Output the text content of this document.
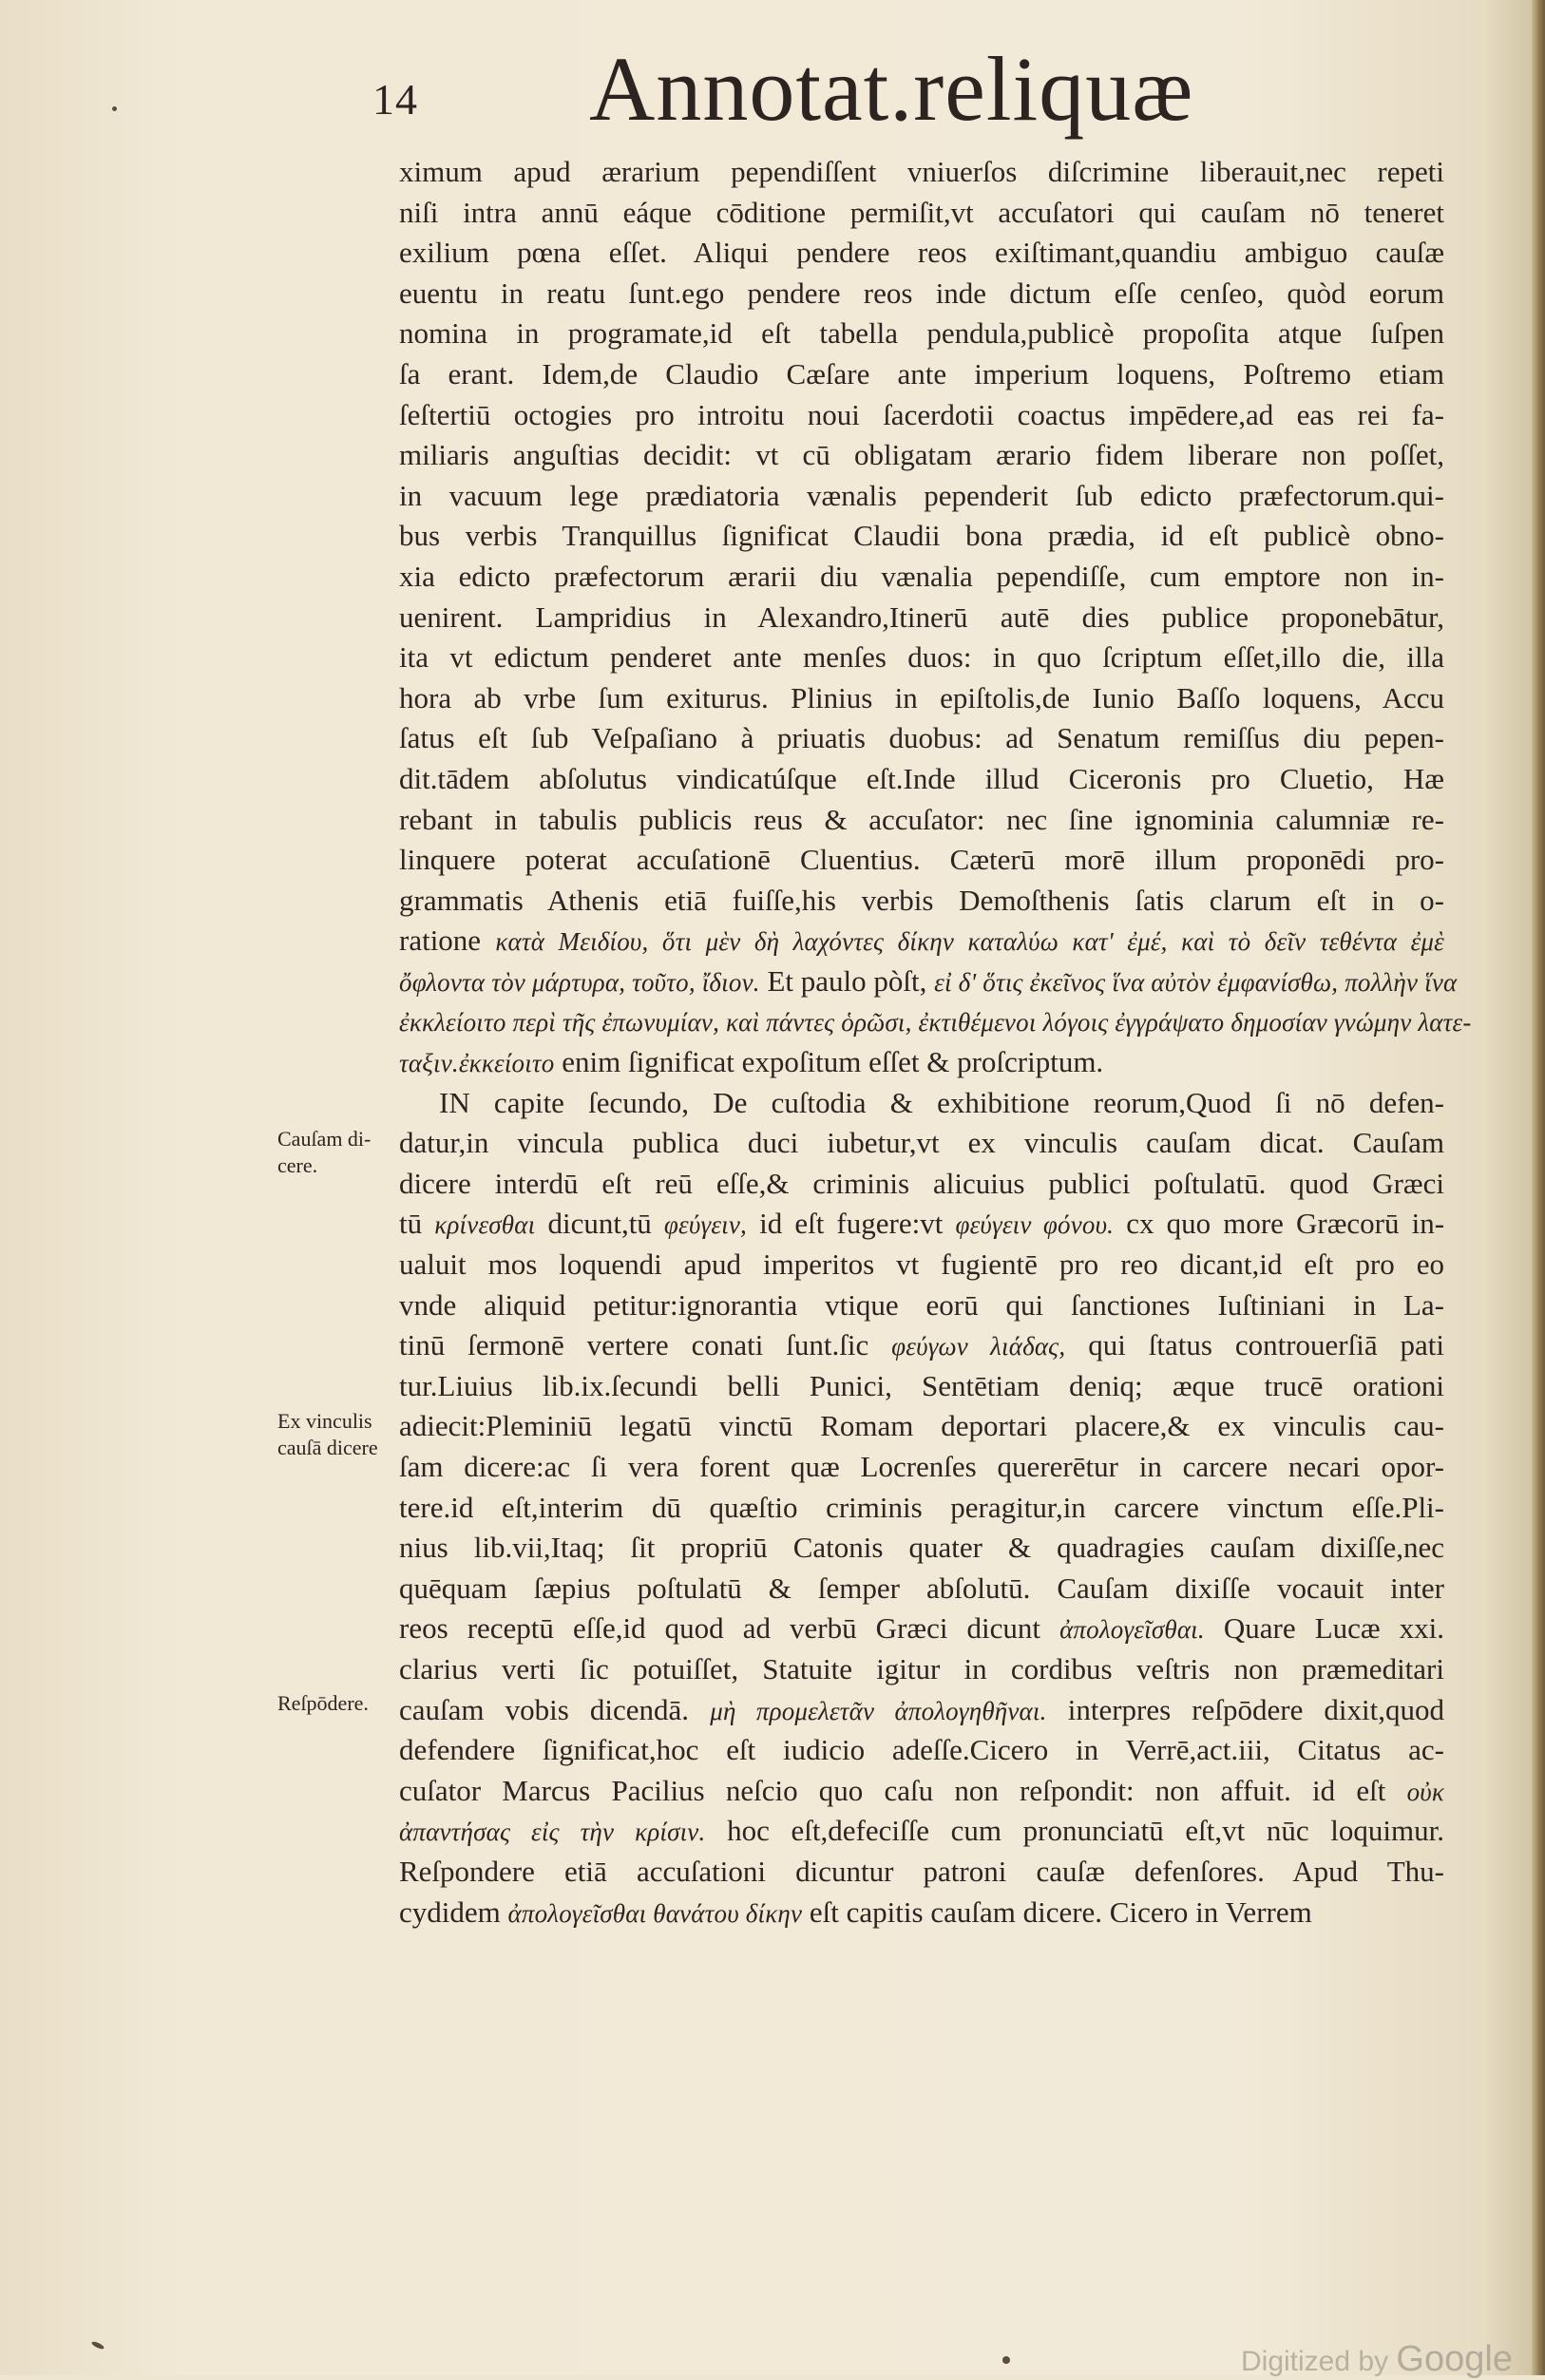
14 Annotat.reliquæ
ximum apud ærarium pependiſſent vniuerſos diſcrimine liberauit,nec repeti
niſi intra annū eáque cōditione permiſit,vt accuſatori qui cauſam nō teneret
exilium pœna eſſet. Aliqui pendere reos exiſtimant,quandiu ambiguo cauſæ
euentu in reatu ſunt.ego pendere reos inde dictum eſſe cenſeo, quòd eorum
nomina in programate,id eſt tabella pendula,publicè propoſita atque ſuſpen
ſa erant. Idem,de Claudio Cæſare ante imperium loquens, Poſtremo etiam
ſeſtertiū octogies pro introitu noui ſacerdotii coactus impēdere,ad eas rei fa-
miliaris anguſtias decidit: vt cū obligatam ærario fidem liberare non poſſet,
in vacuum lege prædiatoria vænalis pependerit ſub edicto præfectorum.qui-
bus verbis Tranquillus ſignificat Claudii bona prædia, id eſt publicè obno-
xia edicto præfectorum ærarii diu vænalia pependiſſe, cum emptore non in-
uenirent. Lampridius in Alexandro,Itinerū autē dies publice proponebātur,
ita vt edictum penderet ante menſes duos: in quo ſcriptum eſſet,illo die, illa
hora ab vrbe ſum exiturus. Plinius in epiſtolis,de Iunio Baſſo loquens, Accu
ſatus eſt ſub Veſpaſiano à priuatis duobus: ad Senatum remiſſus diu pepen-
dit.tādem abſolutus vindicatúſque eſt.Inde illud Ciceronis pro Cluetio, Hæ
rebant in tabulis publicis reus & accuſator: nec ſine ignominia calumniæ re-
linquere poterat accuſationē Cluentius. Cæterū morē illum proponēdi pro-
grammatis Athenis etiā fuiſſe,his verbis Demoſthenis ſatis clarum eſt in o-
ratione κατὰ Μειδίου, ὅτι μὲν δὴ λαχόντες δίκην καταλύω κατ' ἐμέ, καὶ τὸ δεῖν τεθέντα ἐμὲ
ὄφλοντα τὸν μάρτυρα, τοῦτο, ἴδιον. Et paulo pòſt, εἰ δ' ὅτις ἐκεῖνος ἵνα αὐτὸν ἐμφανίσθω, πολλὴν ἵνα
ἐκκλείοιτο περὶ τῆς ἐπωνυμίαν, καὶ πάντες ὁρῶσι, ἐκτιθέμενοι λόγοις ἐγγράψατο δημοσίαν γνώμην λατε-
ταξιν.ἐκκείοιτο enim ſignificat expoſitum eſſet & proſcriptum.
IN capite ſecundo, De cuſtodia & exhibitione reorum,Quod ſi nō defen-
datur,in vincula publica duci iubetur,vt ex vinculis cauſam dicat. Cauſam
dicere interdū eſt reū eſſe,& criminis alicuius publici poſtulatū. quod Græci
tū κρίνεσθαι dicunt,tū φεύγειν, id eſt fugere:vt φεύγειν φόνου. cx quo more Græcorū in-
ualuit mos loquendi apud imperitos vt fugientē pro reo dicant,id eſt pro eo
vnde aliquid petitur:ignorantia vtique eorū qui ſanctiones Iuſtiniani in La-
tinū ſermonē vertere conati ſunt.ſic φεύγων λιάδας, qui ſtatus controuerſiā pati
tur.Liuius lib.ix.ſecundi belli Punici, Sentētiam deniq; æque trucē orationi
adiecit:Pleminiū legatū vinctū Romam deportari placere,& ex vinculis cau-
ſam dicere:ac ſi vera forent quæ Locrenſes quererētur in carcere necari opor-
tere.id eſt,interim dū quæſtio criminis peragitur,in carcere vinctum eſſe.Pli-
nius lib.vii,Itaq; ſit propriū Catonis quater & quadragies cauſam dixiſſe,nec
quēquam ſæpius poſtulatū & ſemper abſolutū. Cauſam dixiſſe vocauit inter
reos receptū eſſe,id quod ad verbū Græci dicunt ἀπολογεῖσθαι. Quare Lucæ xxi.
clarius verti ſic potuiſſet, Statuite igitur in cordibus veſtris non præmeditari
cauſam vobis dicendā. μὴ προμελετᾶν ἀπολογηθῆναι. interpres reſpōdere dixit,quod
defendere ſignificat,hoc eſt iudicio adeſſe.Cicero in Verrē,act.iii, Citatus ac-
cuſator Marcus Pacilius neſcio quo caſu non reſpondit: non affuit. id eſt οὐκ
ἀπαντήσας εἰς τὴν κρίσιν. hoc eſt,defeciſſe cum pronunciatū eſt,vt nūc loquimur.
Reſpondere etiā accuſationi dicuntur patroni cauſæ defenſores. Apud Thu-
cydidem ἀπολογεῖσθαι θανάτου δίκην eſt capitis cauſam dicere. Cicero in Verrem
Cauſam di-
cere.
Ex vinculis
cauſā dicere
Reſpōdere.
Digitized by Google
